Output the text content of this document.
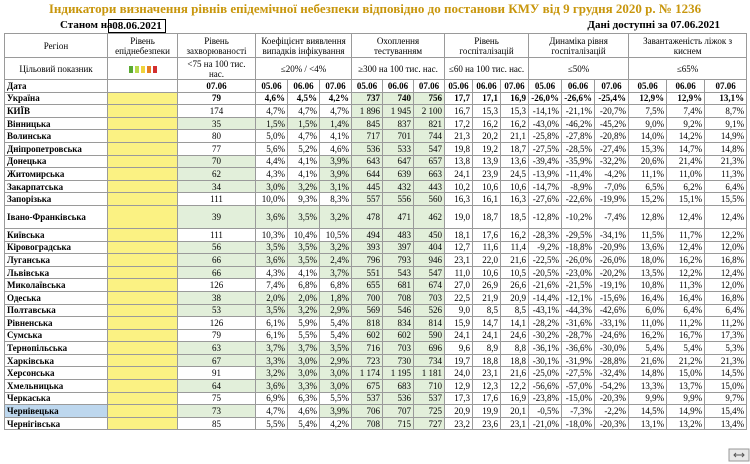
Індикатори визначення рівнів епідемічної небезпеки відповідно до постанови КМУ від 9 грудня 2020 р. № 1236
Станом на 08.06.2021	Дані доступні за 07.06.2021
Регіон	Рівень епіднебезпеки	Рівень захворюваності	Коефіцієнт виявлення випадків інфікування			Охоплення тестуванням			Рівень госпіталізацій			Динаміка рівня госпіталізацій			Завантаженість ліжок з киснем		
Цільовий показник		<75 на 100 тис. нас.	≤20% / <4%			≥300 на 100 тис. нас.			≤60 на 100 тис. нас.			≤50%			≤65%		
Дата		07.06	05.06	06.06	07.06	05.06	06.06	07.06	05.06	06.06	07.06	05.06	06.06	07.06	05.06	06.06	07.06
Україна		79	4,6%	4,5%	4,2%	737	740	756	17,7	17,1	16,9	-26,0%	-26,6%	-25,4%	12,9%	12,9%	13,1%
КИЇВ		174	4,7%	4,7%	4,7%	1 896	1 945	2 100	16,7	15,3	15,3	-14,1%	-21,1%	-20,7%	7,5%	7,4%	8,7%
Вінницька		35	1,5%	1,5%	1,4%	845	837	821	17,2	16,2	16,2	-43,0%	-46,2%	-45,2%	9,0%	9,2%	9,1%
Волинська		80	5,0%	4,7%	4,1%	717	701	744	21,3	20,2	21,1	-25,8%	-27,8%	-20,8%	14,0%	14,2%	14,9%
Дніпропетровська		77	5,6%	5,2%	4,6%	536	533	547	19,8	19,2	18,7	-27,5%	-28,5%	-27,4%	15,3%	14,7%	14,8%
Донецька		70	4,4%	4,1%	3,9%	643	647	657	13,8	13,9	13,6	-39,4%	-35,9%	-32,2%	20,6%	21,4%	21,3%
Житомирська		62	4,3%	4,1%	3,9%	644	639	663	24,1	23,9	24,5	-13,9%	-11,4%	-4,2%	11,1%	11,0%	11,3%
Закарпатська		34	3,0%	3,2%	3,1%	445	432	443	10,2	10,6	10,6	-14,7%	-8,9%	-7,0%	6,5%	6,2%	6,4%
Запорізька		111	10,0%	9,3%	8,3%	557	556	560	16,3	16,1	16,3	-27,6%	-22,6%	-19,9%	15,2%	15,1%	15,5%
Івано-Франківська		39	3,6%	3,5%	3,2%	478	471	462	19,0	18,7	18,5	-12,8%	-10,2%	-7,4%	12,8%	12,4%	12,4%
Київська		111	10,3%	10,4%	10,5%	494	483	450	18,1	17,6	16,2	-28,3%	-29,5%	-34,1%	11,5%	11,7%	12,2%
Кіровоградська		56	3,5%	3,5%	3,2%	393	397	404	12,7	11,6	11,4	-9,2%	-18,8%	-20,9%	13,6%	12,4%	12,0%
Луганська		66	3,6%	3,5%	2,4%	796	793	946	23,1	22,0	21,6	-22,5%	-26,0%	-26,0%	18,0%	16,2%	16,8%
Львівська		66	4,3%	4,1%	3,7%	551	543	547	11,0	10,6	10,5	-20,5%	-23,0%	-20,2%	13,5%	12,2%	12,4%
Миколаївська		126	7,4%	6,8%	6,8%	655	681	674	27,0	26,9	26,6	-21,6%	-21,5%	-19,1%	10,8%	11,3%	12,0%
Одеська		38	2,0%	2,0%	1,8%	700	708	703	22,5	21,9	20,9	-14,4%	-12,1%	-15,6%	16,4%	16,4%	16,8%
Полтавська		53	3,5%	3,2%	2,9%	569	546	526	9,0	8,5	8,5	-43,1%	-44,3%	-42,6%	6,0%	6,4%	6,4%
Рівненська		126	6,1%	5,9%	5,4%	818	834	814	15,9	14,7	14,1	-28,2%	-31,6%	-33,1%	11,0%	11,2%	11,2%
Сумська		79	6,1%	5,5%	5,4%	602	602	590	24,1	24,1	24,6	-30,2%	-28,7%	-24,6%	16,2%	16,7%	17,3%
Тернопільська		63	3,7%	3,7%	3,5%	716	703	696	9,6	8,9	8,8	-36,1%	-36,6%	-30,0%	5,4%	5,4%	5,3%
Харківська		67	3,3%	3,0%	2,9%	723	730	734	19,7	18,8	18,8	-30,1%	-31,9%	-28,8%	21,6%	21,2%	21,3%
Херсонська		91	3,2%	3,0%	3,0%	1 174	1 195	1 181	24,0	23,1	21,6	-25,0%	-27,5%	-32,4%	14,8%	15,0%	14,5%
Хмельницька		64	3,6%	3,3%	3,0%	675	683	710	12,9	12,3	12,2	-56,6%	-57,0%	-54,2%	13,3%	13,7%	15,0%
Черкаська		75	6,9%	6,3%	5,5%	537	536	537	17,3	17,6	16,9	-23,8%	-15,0%	-20,3%	9,9%	9,9%	9,7%
Чернівецька		73	4,7%	4,6%	3,9%	706	707	725	20,9	19,9	20,1	-0,5%	-7,3%	-2,2%	14,5%	14,9%	15,4%
Чернігівська		85	5,5%	5,4%	4,2%	708	715	727	23,2	23,6	23,1	-21,0%	-18,0%	-20,3%	13,1%	13,2%	13,4%
